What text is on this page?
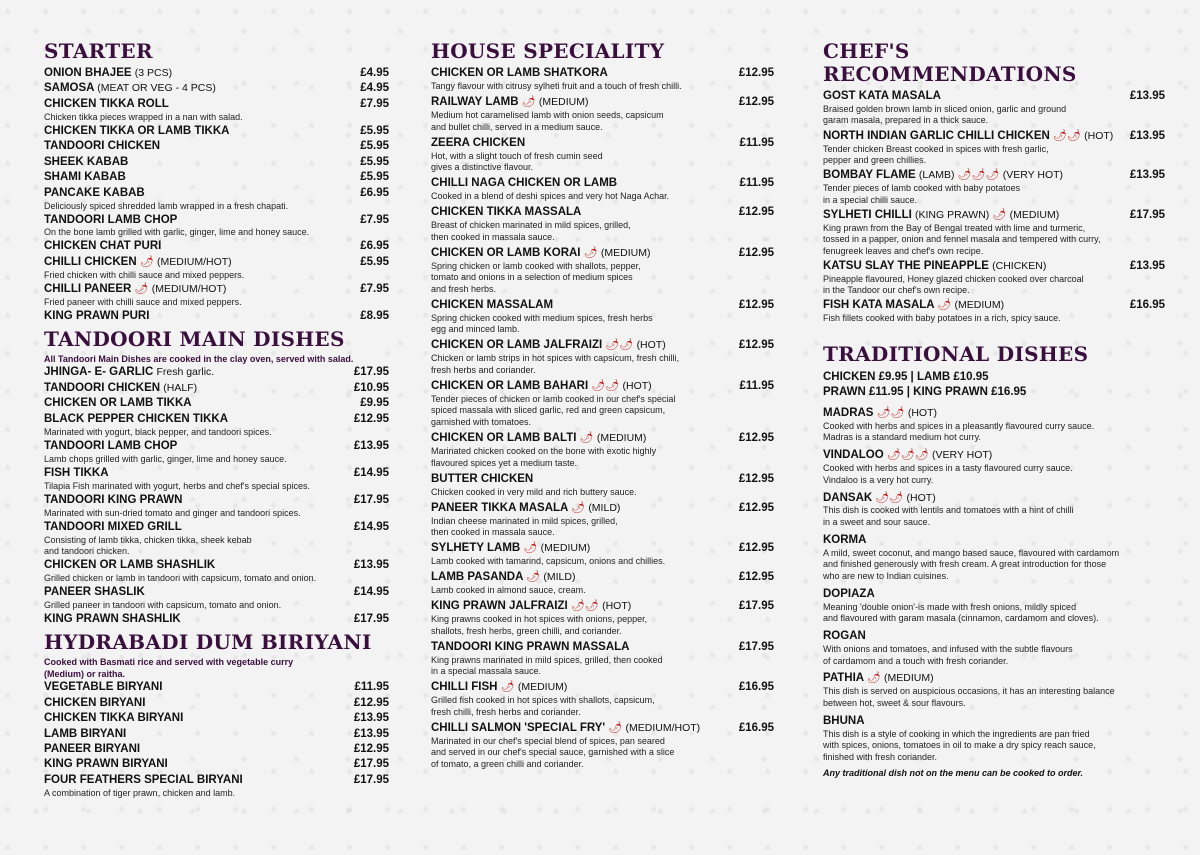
STARTER
ONION BHAJEE (3 PCS)	£4.95
SAMOSA (MEAT OR VEG - 4 PCS)	£4.95
CHICKEN TIKKA ROLL	£7.95
Chicken tikka pieces wrapped in a nan with salad.
CHICKEN TIKKA OR LAMB TIKKA	£5.95
TANDOORI CHICKEN	£5.95
SHEEK KABAB	£5.95
SHAMI KABAB	£5.95
PANCAKE KABAB	£6.95
Deliciously spiced shredded lamb wrapped in a fresh chapati.
TANDOORI LAMB CHOP	£7.95
On the bone lamb grilled with garlic, ginger, lime and honey sauce.
CHICKEN CHAT PURI	£6.95
CHILLI CHICKEN 🌶 (MEDIUM/HOT)	£5.95
Fried chicken with chilli sauce and mixed peppers.
CHILLI PANEER 🌶 (MEDIUM/HOT)	£7.95
Fried paneer with chilli sauce and mixed peppers.
KING PRAWN PURI	£8.95
TANDOORI MAIN DISHES
All Tandoori Main Dishes are cooked in the clay oven, served with salad.
JHINGA- E- GARLIC Fresh garlic.	£17.95
TANDOORI CHICKEN (HALF)	£10.95
CHICKEN OR LAMB TIKKA	£9.95
BLACK PEPPER CHICKEN TIKKA	£12.95
Marinated with yogurt, black pepper, and tandoori spices.
TANDOORI LAMB CHOP	£13.95
Lamb chops grilled with garlic, ginger, lime and honey sauce.
FISH TIKKA	£14.95
Tilapia Fish marinated with yogurt, herbs and chef's special spices.
TANDOORI KING PRAWN	£17.95
Marinated with sun-dried tomato and ginger and tandoori spices.
TANDOORI MIXED GRILL	£14.95
Consisting of lamb tikka, chicken tikka, sheek kebab
and tandoori chicken.
CHICKEN OR LAMB SHASHLIK	£13.95
Grilled chicken or lamb in tandoori with capsicum, tomato and onion.
PANEER SHASLIK	£14.95
Grilled paneer in tandoori with capsicum, tomato and onion.
KING PRAWN SHASHLIK	£17.95
HYDRABADI DUM BIRIYANI
Cooked with Basmati rice and served with vegetable curry
(Medium) or raitha.
VEGETABLE BIRYANI	£11.95
CHICKEN BIRYANI	£12.95
CHICKEN TIKKA BIRYANI	£13.95
LAMB BIRYANI	£13.95
PANEER BIRYANI	£12.95
KING PRAWN BIRYANI	£17.95
FOUR FEATHERS SPECIAL BIRYANI	£17.95
A combination of tiger prawn, chicken and lamb.
HOUSE SPECIALITY
CHICKEN OR LAMB SHATKORA	£12.95
Tangy flavour with citrusy sylheti fruit and a touch of fresh chilli.
RAILWAY LAMB 🌶 (MEDIUM)	£12.95
Medium hot caramelised lamb with onion seeds, capsicum
and bullet chilli, served in a medium sauce.
ZEERA CHICKEN	£11.95
Hot, with a slight touch of fresh cumin seed
gives a distinctive flavour.
CHILLI NAGA CHICKEN OR LAMB	£11.95
Cooked in a blend of deshi spices and very hot Naga Achar.
CHICKEN TIKKA MASSALA	£12.95
Breast of chicken marinated in mild spices, grilled,
then cooked in massala sauce.
CHICKEN OR LAMB KORAI 🌶 (MEDIUM)	£12.95
Spring chicken or lamb cooked with shallots, pepper,
tomato and onions in a selection of medium spices
and fresh herbs.
CHICKEN MASSALAM	£12.95
Spring chicken cooked with medium spices, fresh herbs
egg and minced lamb.
CHICKEN OR LAMB JALFRAIZI 🌶🌶 (HOT)	£12.95
Chicken or lamb strips in hot spices with capsicum, fresh chilli,
fresh herbs and coriander.
CHICKEN OR LAMB BAHARI 🌶🌶 (HOT)	£11.95
Tender pieces of chicken or lamb cooked in our chef's special
spiced massala with sliced garlic, red and green capsicum,
garnished with tomatoes.
CHICKEN OR LAMB BALTI 🌶 (MEDIUM)	£12.95
Marinated chicken cooked on the bone with exotic highly
flavoured spices yet a medium taste.
BUTTER CHICKEN	£12.95
Chicken cooked in very mild and rich buttery sauce.
PANEER TIKKA MASALA 🌶 (MILD)	£12.95
Indian cheese marinated in mild spices, grilled,
then cooked in massala sauce.
SYLHETY LAMB 🌶 (MEDIUM)	£12.95
Lamb cooked with tamarind, capsicum, onions and chillies.
LAMB PASANDA 🌶 (MILD)	£12.95
Lamb cooked in almond sauce, cream.
KING PRAWN JALFRAIZI 🌶🌶 (HOT)	£17.95
King prawns cooked in hot spices with onions, pepper,
shallots, fresh herbs, green chilli, and coriander.
TANDOORI KING PRAWN MASSALA	£17.95
King prawns marinated in mild spices, grilled, then cooked
in a special massala sauce.
CHILLI FISH 🌶 (MEDIUM)	£16.95
Grilled fish cooked in hot spices with shallots, capsicum,
fresh chilli, fresh herbs and coriander.
CHILLI SALMON 'SPECIAL FRY' 🌶 (MEDIUM/HOT)	£16.95
Marinated in our chef's special blend of spices, pan seared
and served in our chef's special sauce, garnished with a slice
of tomato, a green chilli and coriander.
CHEF'S RECOMMENDATIONS
GOST KATA MASALA	£13.95
Braised golden brown lamb in sliced onion, garlic and ground
garam masala, prepared in a thick sauce.
NORTH INDIAN GARLIC CHILLI CHICKEN 🌶🌶 (HOT) £13.95
Tender chicken Breast cooked in spices with fresh garlic,
pepper and green chillies.
BOMBAY FLAME (LAMB) 🌶🌶🌶 (VERY HOT)	£13.95
Tender pieces of lamb cooked with baby potatoes
in a special chilli sauce.
SYLHETI CHILLI (KING PRAWN) 🌶 (MEDIUM)	£17.95
King prawn from the Bay of Bengal treated with lime and turmeric,
tossed in a papper, onion and fennel masala and tempered with curry,
fenugreek leaves and chef's own recipe.
KATSU SLAY THE PINEAPPLE (CHICKEN)	£13.95
Pineapple flavoured, Honey glazed chicken cooked over charcoal
in the Tandoor our chef's own recipe.
FISH KATA MASALA 🌶 (MEDIUM)	£16.95
Fish fillets cooked with baby potatoes in a rich, spicy sauce.
TRADITIONAL DISHES
CHICKEN £9.95 | LAMB £10.95
PRAWN £11.95 | KING PRAWN £16.95
MADRAS 🌶🌶 (HOT)
Cooked with herbs and spices in a pleasantly flavoured curry sauce.
Madras is a standard medium hot curry.
VINDALOO 🌶🌶🌶 (VERY HOT)
Cooked with herbs and spices in a tasty flavoured curry sauce.
Vindaloo is a very hot curry.
DANSAK 🌶🌶 (HOT)
This dish is cooked with lentils and tomatoes with a hint of chilli
in a sweet and sour sauce.
KORMA
A mild, sweet coconut, and mango based sauce, flavoured with cardamom
and finished generously with fresh cream. A great introduction for those
who are new to Indian cuisines.
DOPIAZA
Meaning 'double onion'-is made with fresh onions, mildly spiced
and flavoured with garam masala (cinnamon, cardamom and cloves).
ROGAN
With onions and tomatoes, and infused with the subtle flavours
of cardamom and a touch with fresh coriander.
PATHIA 🌶 (MEDIUM)
This dish is served on auspicious occasions, it has an interesting balance
between hot, sweet & sour flavours.
BHUNA
This dish is a style of cooking in which the ingredients are pan fried
with spices, onions, tomatoes in oil to make a dry spicy reach sauce,
finished with fresh coriander.
Any traditional dish not on the menu can be cooked to order.
